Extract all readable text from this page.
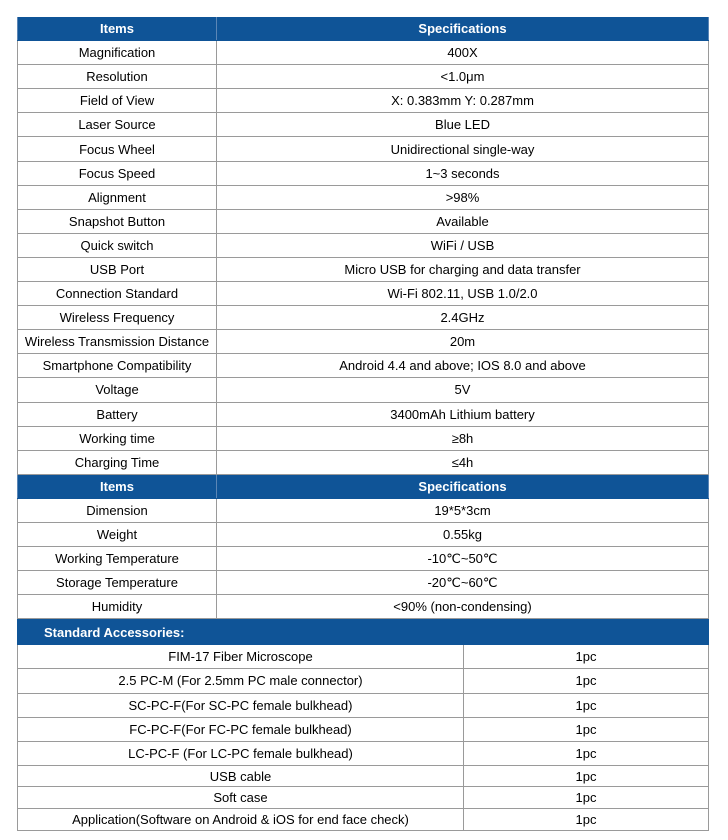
Items	Specifications
Magnification	400X
Resolution	<1.0μm
Field of View	X: 0.383mm Y: 0.287mm
Laser Source	Blue LED
Focus Wheel	Unidirectional single-way
Focus Speed	1~3 seconds
Alignment	>98%
Snapshot Button	Available
Quick switch	WiFi / USB
USB Port	Micro USB for charging and data transfer
Connection Standard	Wi-Fi 802.11, USB 1.0/2.0
Wireless Frequency	2.4GHz
Wireless Transmission Distance	20m
Smartphone Compatibility	Android 4.4 and above; IOS 8.0 and above
Voltage	5V
Battery	3400mAh Lithium battery
Working time	≥8h
Charging Time	≤4h
Items	Specifications
Dimension	19*5*3cm
Weight	0.55kg
Working Temperature	-10℃~50℃
Storage Temperature	-20℃~60℃
Humidity	<90% (non-condensing)
Standard Accessories:
FIM-17 Fiber Microscope	1pc
2.5 PC-M (For 2.5mm PC male connector)	1pc
SC-PC-F(For SC-PC female bulkhead)	1pc
FC-PC-F(For FC-PC female bulkhead)	1pc
LC-PC-F (For LC-PC female bulkhead)	1pc
USB cable	1pc
Soft case	1pc
Application(Software on Android & iOS for end face check)	1pc
